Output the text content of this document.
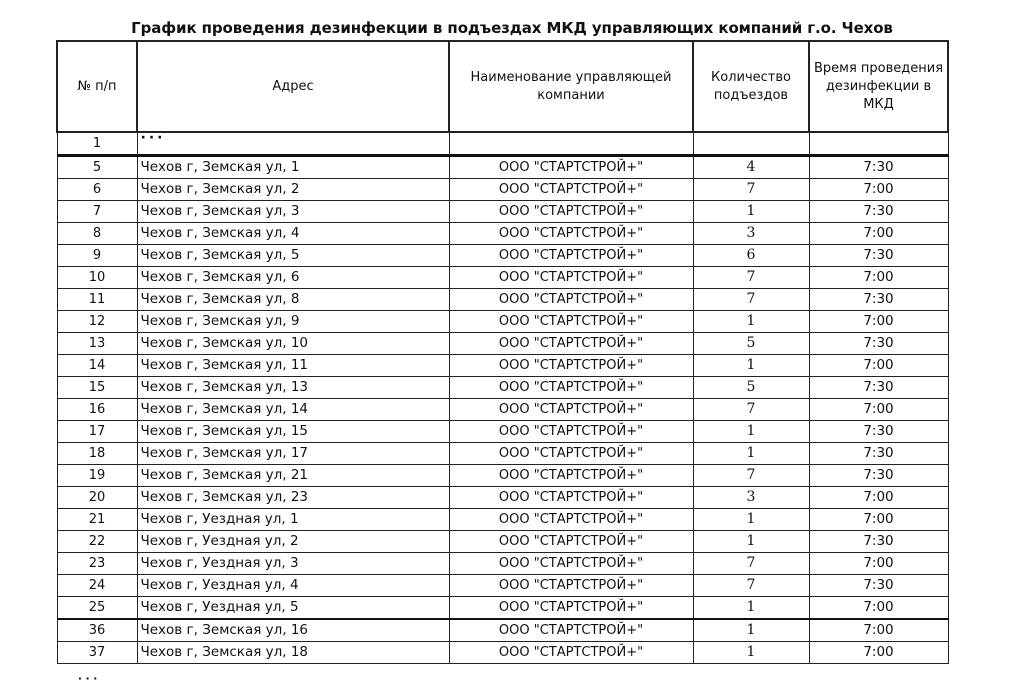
График проведения дезинфекции в подъездах МКД управляющих компаний г.о. Чехов
№ п/п	Адрес	Наименование управляющей компании	Количество подъездов	Время проведения дезинфекции в МКД
1	···			
5	Чехов г, Земская ул, 1	ООО "СТАРТСТРОЙ+"	4	7:30
6	Чехов г, Земская ул, 2	ООО "СТАРТСТРОЙ+"	7	7:00
7	Чехов г, Земская ул, 3	ООО "СТАРТСТРОЙ+"	1	7:30
8	Чехов г, Земская ул, 4	ООО "СТАРТСТРОЙ+"	3	7:00
9	Чехов г, Земская ул, 5	ООО "СТАРТСТРОЙ+"	6	7:30
10	Чехов г, Земская ул, 6	ООО "СТАРТСТРОЙ+"	7	7:00
11	Чехов г, Земская ул, 8	ООО "СТАРТСТРОЙ+"	7	7:30
12	Чехов г, Земская ул, 9	ООО "СТАРТСТРОЙ+"	1	7:00
13	Чехов г, Земская ул, 10	ООО "СТАРТСТРОЙ+"	5	7:30
14	Чехов г, Земская ул, 11	ООО "СТАРТСТРОЙ+"	1	7:00
15	Чехов г, Земская ул, 13	ООО "СТАРТСТРОЙ+"	5	7:30
16	Чехов г, Земская ул, 14	ООО "СТАРТСТРОЙ+"	7	7:00
17	Чехов г, Земская ул, 15	ООО "СТАРТСТРОЙ+"	1	7:30
18	Чехов г, Земская ул, 17	ООО "СТАРТСТРОЙ+"	1	7:30
19	Чехов г, Земская ул, 21	ООО "СТАРТСТРОЙ+"	7	7:30
20	Чехов г, Земская ул, 23	ООО "СТАРТСТРОЙ+"	3	7:00
21	Чехов г, Уездная ул, 1	ООО "СТАРТСТРОЙ+"	1	7:00
22	Чехов г, Уездная ул, 2	ООО "СТАРТСТРОЙ+"	1	7:30
23	Чехов г, Уездная ул, 3	ООО "СТАРТСТРОЙ+"	7	7:00
24	Чехов г, Уездная ул, 4	ООО "СТАРТСТРОЙ+"	7	7:30
25	Чехов г, Уездная ул, 5	ООО "СТАРТСТРОЙ+"	1	7:00
36	Чехов г, Земская ул, 16	ООО "СТАРТСТРОЙ+"	1	7:00
37	Чехов г, Земская ул, 18	ООО "СТАРТСТРОЙ+"	1	7:00
···
